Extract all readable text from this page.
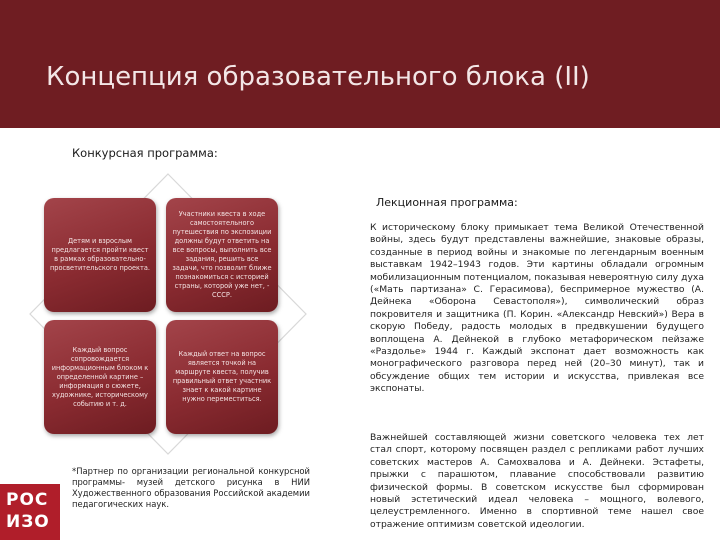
Концепция образовательного блока (II)
Конкурсная программа:
Детям и взрослым предлагается пройти квест в рамках образовательно-просветительского проекта.
Участники квеста в ходе самостоятельного путешествия по экспозиции должны будут ответить на все вопросы, выполнить все задания, решить все задачи, что позволит ближе познакомиться с историей страны, которой уже нет, - СССР.
Каждый вопрос сопровождается информационным блоком к определенной картине – информация о сюжете, художнике, историческому событию и т. д.
Каждый ответ на вопрос является точкой на маршруте квеста, получив правильный ответ участник знает к какой картине нужно переместиться.
Лекционная программа:
К историческому блоку примыкает тема Великой Отечественной войны, здесь будут представлены важнейшие, знаковые образы, созданные в период войны и знакомые по легендарным военным выставкам 1942–1943 годов. Эти картины обладали огромным мобилизационным потенциалом, показывая невероятную силу духа («Мать партизана» С. Герасимова), беспримерное мужество (А. Дейнека «Оборона Севастополя»), символический образ покровителя и защитника (П. Корин. «Александр Невский») Вера в скорую Победу, радость молодых в предвкушении будущего воплощена А. Дейнекой в глубоко метафорическом пейзаже «Раздолье» 1944 г. Каждый экспонат дает возможность как монографического разговора перед ней (20–30 минут), так и обсуждение общих тем истории и искусства, привлекая все экспонаты.
Важнейшей составляющей жизни советского человека тех лет стал спорт, которому посвящен раздел с репликами работ лучших советских мастеров А. Самохвалова и А. Дейнеки. Эстафеты, прыжки с парашютом, плавание способствовали развитию физической формы. В советском искусстве был сформирован новый эстетический идеал человека – мощного, волевого, целеустремленного. Именно в спортивной теме нашел свое отражение оптимизм советской идеологии.
*Партнер по организации региональной конкурсной программы- музей детского рисунка в НИИ Художественного образования Российской академии педагогических наук.
РОС
ИЗО
